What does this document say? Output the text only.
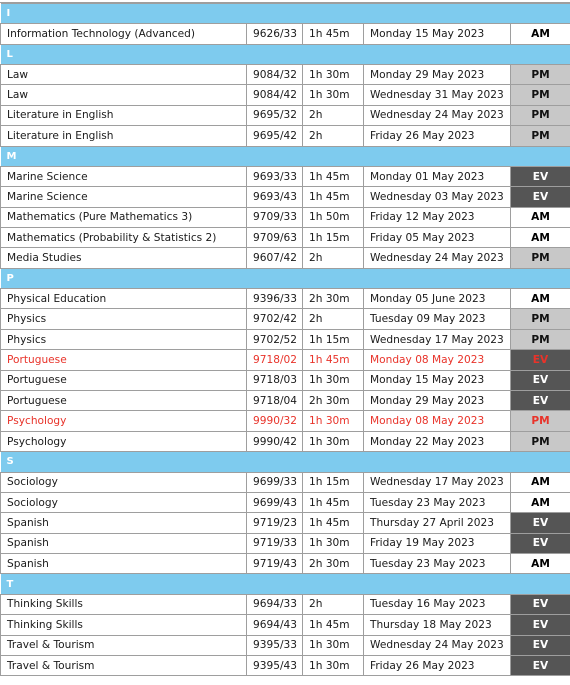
I				
Information Technology (Advanced)	9626/33	1h 45m	Monday 15 May 2023	AM
L				
Law	9084/32	1h 30m	Monday 29 May 2023	PM
Law	9084/42	1h 30m	Wednesday 31 May 2023	PM
Literature in English	9695/32	2h	Wednesday 24 May 2023	PM
Literature in English	9695/42	2h	Friday 26 May 2023	PM
M				
Marine Science	9693/33	1h 45m	Monday 01 May 2023	EV
Marine Science	9693/43	1h 45m	Wednesday 03 May 2023	EV
Mathematics (Pure Mathematics 3)	9709/33	1h 50m	Friday 12 May 2023	AM
Mathematics (Probability & Statistics 2)	9709/63	1h 15m	Friday 05 May 2023	AM
Media Studies	9607/42	2h	Wednesday 24 May 2023	PM
P				
Physical Education	9396/33	2h 30m	Monday 05 June 2023	AM
Physics	9702/42	2h	Tuesday 09 May 2023	PM
Physics	9702/52	1h 15m	Wednesday 17 May 2023	PM
Portuguese	9718/02	1h 45m	Monday 08 May 2023	EV
Portuguese	9718/03	1h 30m	Monday 15 May 2023	EV
Portuguese	9718/04	2h 30m	Monday 29 May 2023	EV
Psychology	9990/32	1h 30m	Monday 08 May 2023	PM
Psychology	9990/42	1h 30m	Monday 22 May 2023	PM
S				
Sociology	9699/33	1h 15m	Wednesday 17 May 2023	AM
Sociology	9699/43	1h 45m	Tuesday 23 May 2023	AM
Spanish	9719/23	1h 45m	Thursday 27 April 2023	EV
Spanish	9719/33	1h 30m	Friday 19 May 2023	EV
Spanish	9719/43	2h 30m	Tuesday 23 May 2023	AM
T				
Thinking Skills	9694/33	2h	Tuesday 16 May 2023	EV
Thinking Skills	9694/43	1h 45m	Thursday 18 May 2023	EV
Travel & Tourism	9395/33	1h 30m	Wednesday 24 May 2023	EV
Travel & Tourism	9395/43	1h 30m	Friday 26 May 2023	EV
